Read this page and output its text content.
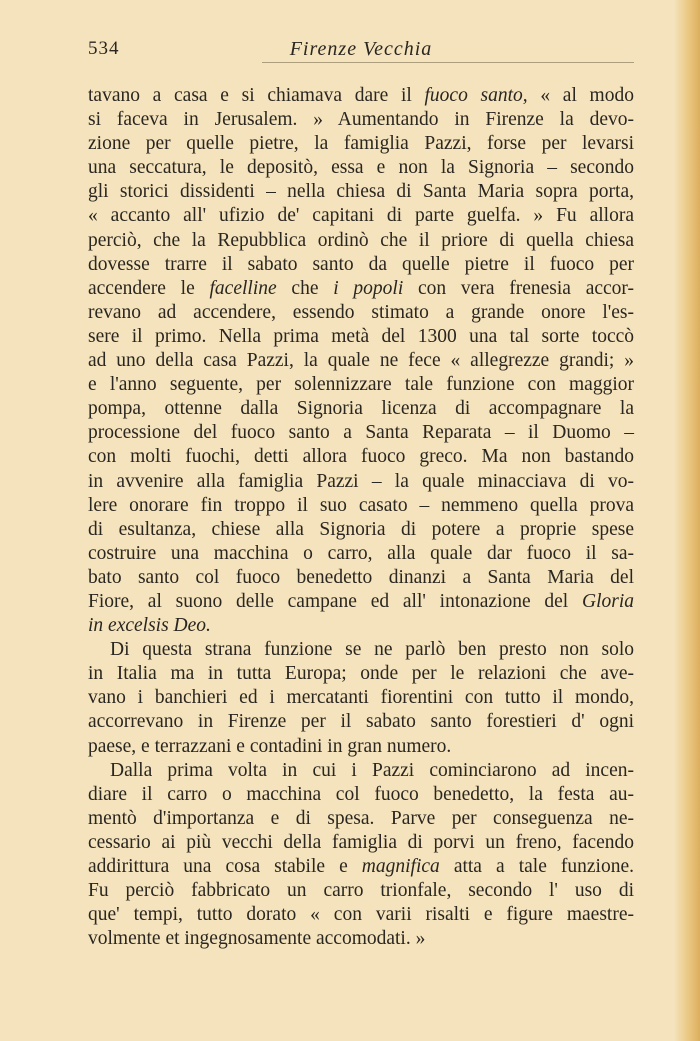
534	Firenze Vecchia
tavano a casa e si chiamava dare il fuoco santo, « al modo
si faceva in Jerusalem. » Aumentando in Firenze la devo-
zione per quelle pietre, la famiglia Pazzi, forse per levarsi
una seccatura, le depositò, essa e non la Signoria – secondo
gli storici dissidenti – nella chiesa di Santa Maria sopra porta,
« accanto all' ufizio de' capitani di parte guelfa. » Fu allora
perciò, che la Repubblica ordinò che il priore di quella chiesa
dovesse trarre il sabato santo da quelle pietre il fuoco per
accendere le facelline che i popoli con vera frenesia accor-
revano ad accendere, essendo stimato a grande onore l'es-
sere il primo. Nella prima metà del 1300 una tal sorte toccò
ad uno della casa Pazzi, la quale ne fece « allegrezze grandi; »
e l'anno seguente, per solennizzare tale funzione con maggior
pompa, ottenne dalla Signoria licenza di accompagnare la
processione del fuoco santo a Santa Reparata – il Duomo –
con molti fuochi, detti allora fuoco greco. Ma non bastando
in avvenire alla famiglia Pazzi – la quale minacciava di vo-
lere onorare fin troppo il suo casato – nemmeno quella prova
di esultanza, chiese alla Signoria di potere a proprie spese
costruire una macchina o carro, alla quale dar fuoco il sa-
bato santo col fuoco benedetto dinanzi a Santa Maria del
Fiore, al suono delle campane ed all' intonazione del Gloria
in excelsis Deo.
Di questa strana funzione se ne parlò ben presto non solo
in Italia ma in tutta Europa; onde per le relazioni che ave-
vano i banchieri ed i mercatanti fiorentini con tutto il mondo,
accorrevano in Firenze per il sabato santo forestieri d' ogni
paese, e terrazzani e contadini in gran numero.
Dalla prima volta in cui i Pazzi cominciarono ad incen-
diare il carro o macchina col fuoco benedetto, la festa au-
mentò d'importanza e di spesa. Parve per conseguenza ne-
cessario ai più vecchi della famiglia di porvi un freno, facendo
addirittura una cosa stabile e magnifica atta a tale funzione.
Fu perciò fabbricato un carro trionfale, secondo l' uso di
que' tempi, tutto dorato « con varii risalti e figure maestre-
volmente et ingegnosamente accomodati. »
